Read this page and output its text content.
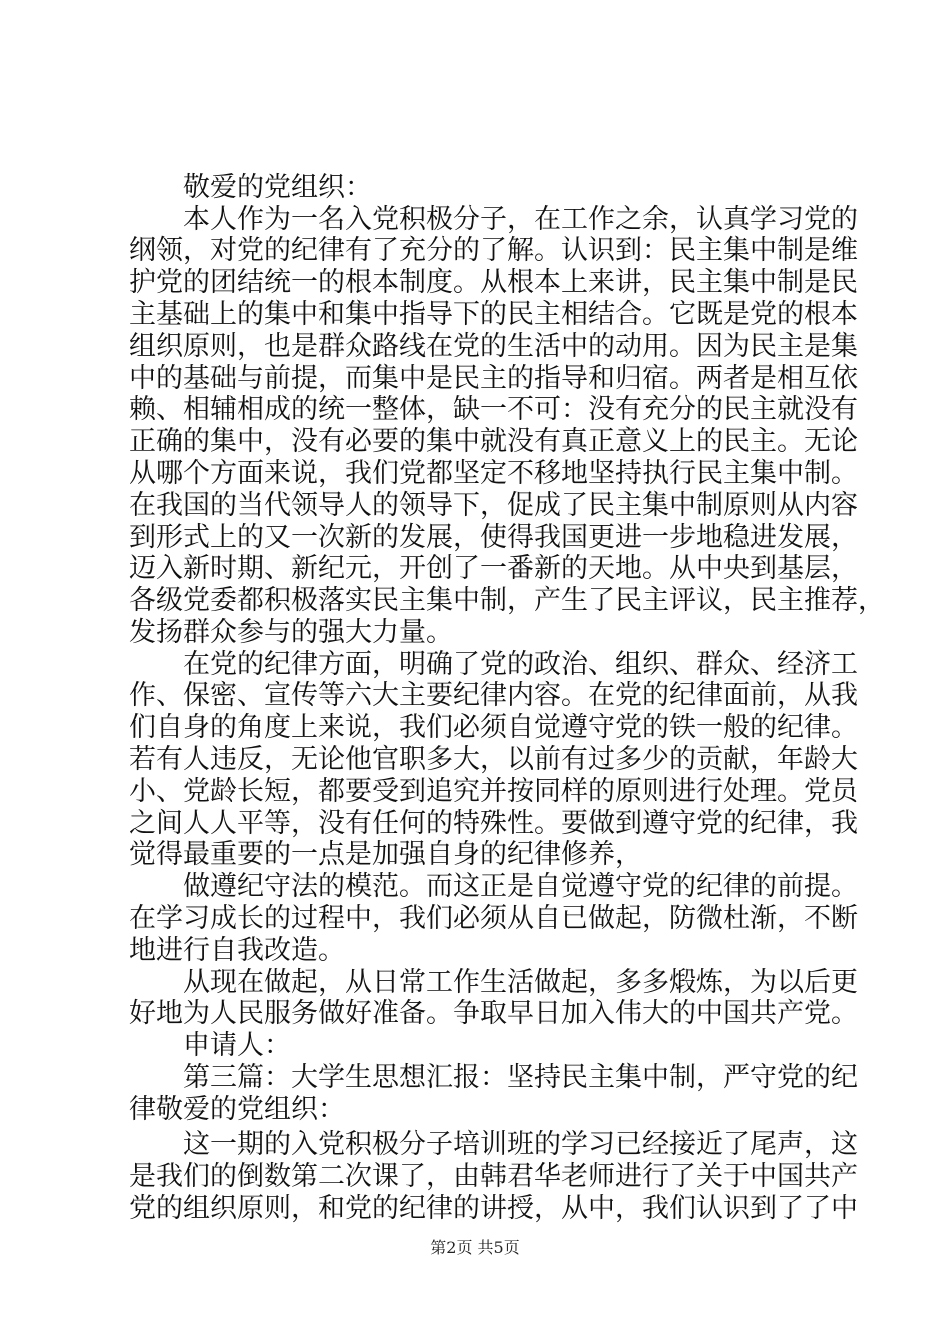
敬爱的党组织：
本人作为一名入党积极分子，在工作之余，认真学习党的
纲领，对党的纪律有了充分的了解。认识到：民主集中制是维
护党的团结统一的根本制度。从根本上来讲，民主集中制是民
主基础上的集中和集中指导下的民主相结合。它既是党的根本
组织原则，也是群众路线在党的生活中的动用。因为民主是集
中的基础与前提，而集中是民主的指导和归宿。两者是相互依
赖、相辅相成的统一整体，缺一不可：没有充分的民主就没有
正确的集中，没有必要的集中就没有真正意义上的民主。无论
从哪个方面来说，我们党都坚定不移地坚持执行民主集中制。
在我国的当代领导人的领导下，促成了民主集中制原则从内容
到形式上的又一次新的发展，使得我国更进一步地稳进发展，
迈入新时期、新纪元，开创了一番新的天地。从中央到基层，
各级党委都积极落实民主集中制，产生了民主评议，民主推荐，
发扬群众参与的强大力量。
在党的纪律方面，明确了党的政治、组织、群众、经济工
作、保密、宣传等六大主要纪律内容。在党的纪律面前，从我
们自身的角度上来说，我们必须自觉遵守党的铁一般的纪律。
若有人违反，无论他官职多大，以前有过多少的贡献，年龄大
小、党龄长短，都要受到追究并按同样的原则进行处理。党员
之间人人平等，没有任何的特殊性。要做到遵守党的纪律，我
觉得最重要的一点是加强自身的纪律修养，
做遵纪守法的模范。而这正是自觉遵守党的纪律的前提。
在学习成长的过程中，我们必须从自已做起，防微杜渐，不断
地进行自我改造。
从现在做起，从日常工作生活做起，多多煅炼，为以后更
好地为人民服务做好准备。争取早日加入伟大的中国共产党。
申请人：
第三篇：大学生思想汇报：坚持民主集中制，严守党的纪
律敬爱的党组织：
这一期的入党积极分子培训班的学习已经接近了尾声，这
是我们的倒数第二次课了，由韩君华老师进行了关于中国共产
党的组织原则，和党的纪律的讲授，从中，我们认识到了了中
第2页 共5页
